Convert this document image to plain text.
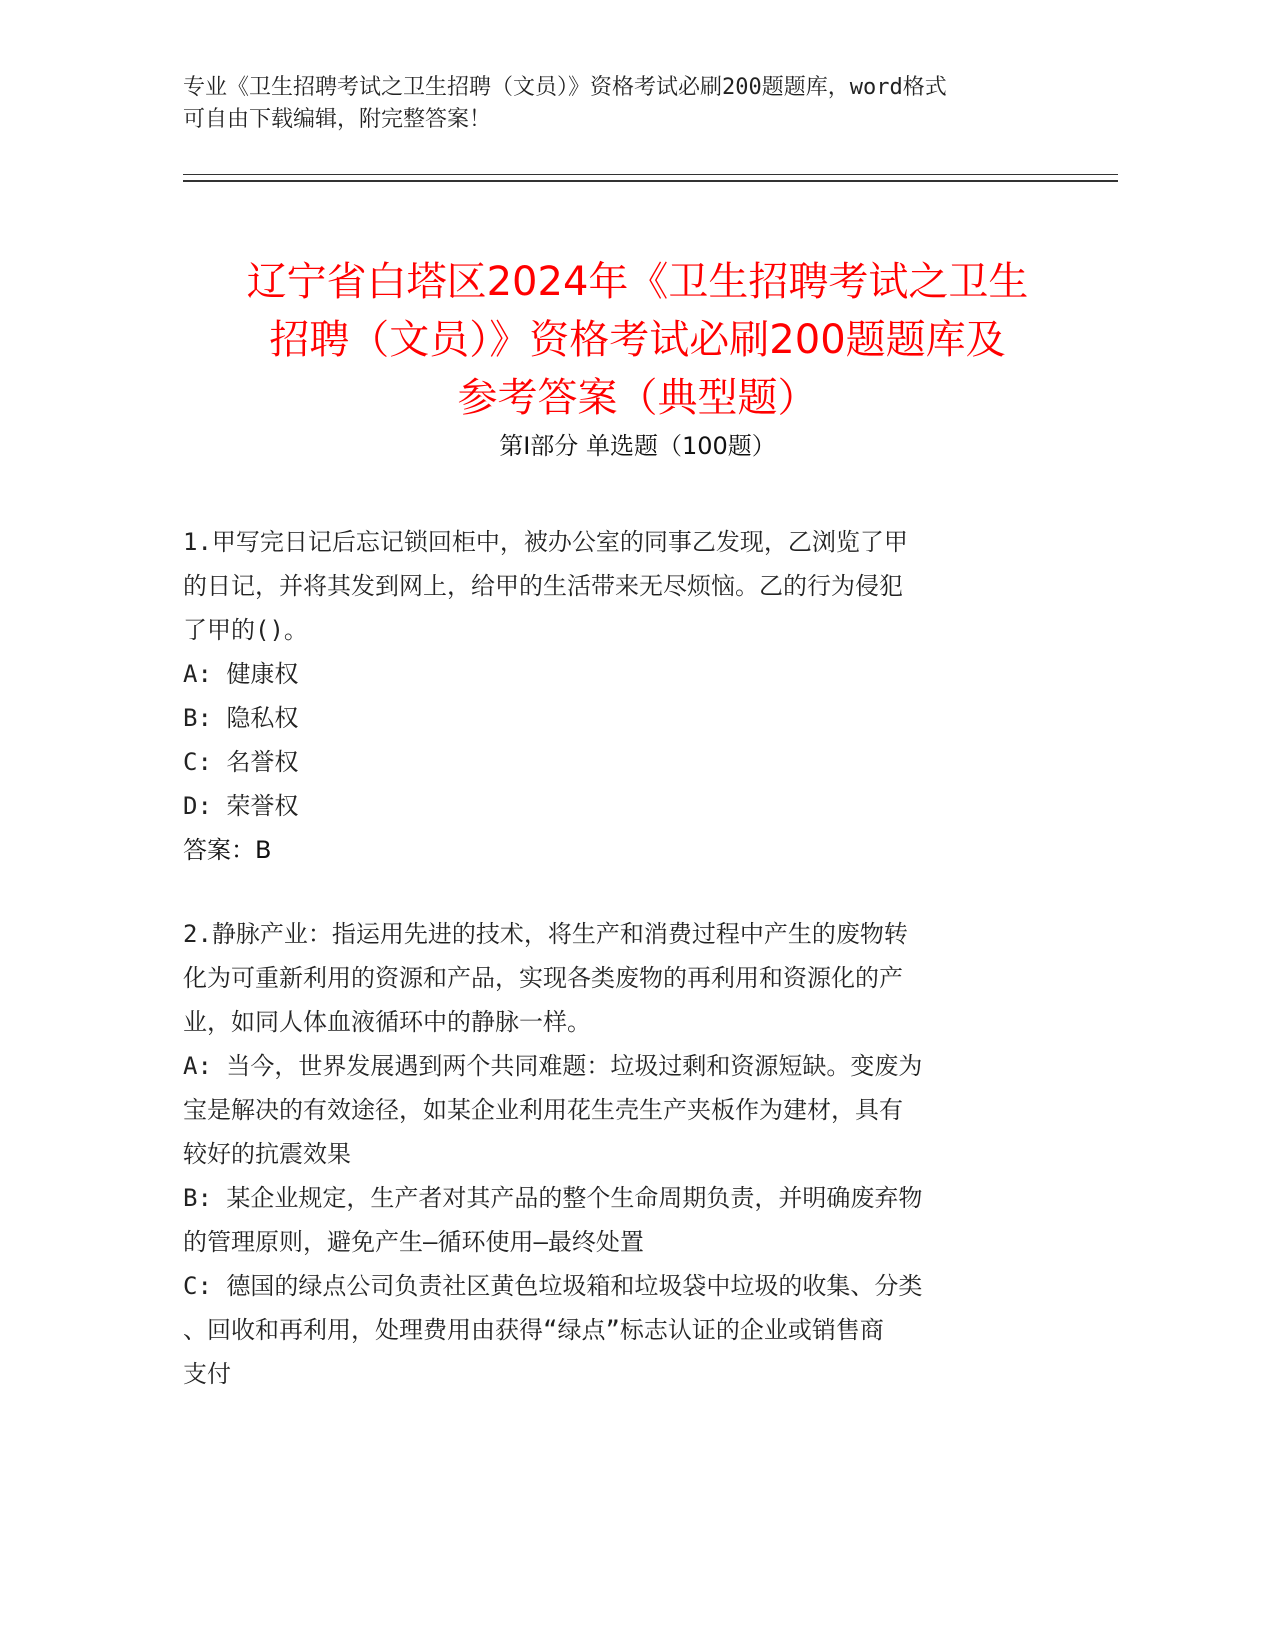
专业《卫生招聘考试之卫生招聘（文员）》资格考试必刷200题题库，word格式
可自由下载编辑，附完整答案！
辽宁省白塔区2024年《卫生招聘考试之卫生
招聘（文员）》资格考试必刷200题题库及
参考答案（典型题）
第Ⅰ部分 单选题（100题）
1.甲写完日记后忘记锁回柜中，被办公室的同事乙发现，乙浏览了甲
的日记，并将其发到网上，给甲的生活带来无尽烦恼。乙的行为侵犯
了甲的()。
A: 健康权
B: 隐私权
C: 名誉权
D: 荣誉权
答案：B
2.静脉产业：指运用先进的技术，将生产和消费过程中产生的废物转
化为可重新利用的资源和产品，实现各类废物的再利用和资源化的产
业，如同人体血液循环中的静脉一样。
A: 当今，世界发展遇到两个共同难题：垃圾过剩和资源短缺。变废为
宝是解决的有效途径，如某企业利用花生壳生产夹板作为建材，具有
较好的抗震效果
B: 某企业规定，生产者对其产品的整个生命周期负责，并明确废弃物
的管理原则，避免产生—循环使用—最终处置
C: 德国的绿点公司负责社区黄色垃圾箱和垃圾袋中垃圾的收集、分类
、回收和再利用，处理费用由获得“绿点”标志认证的企业或销售商
支付
